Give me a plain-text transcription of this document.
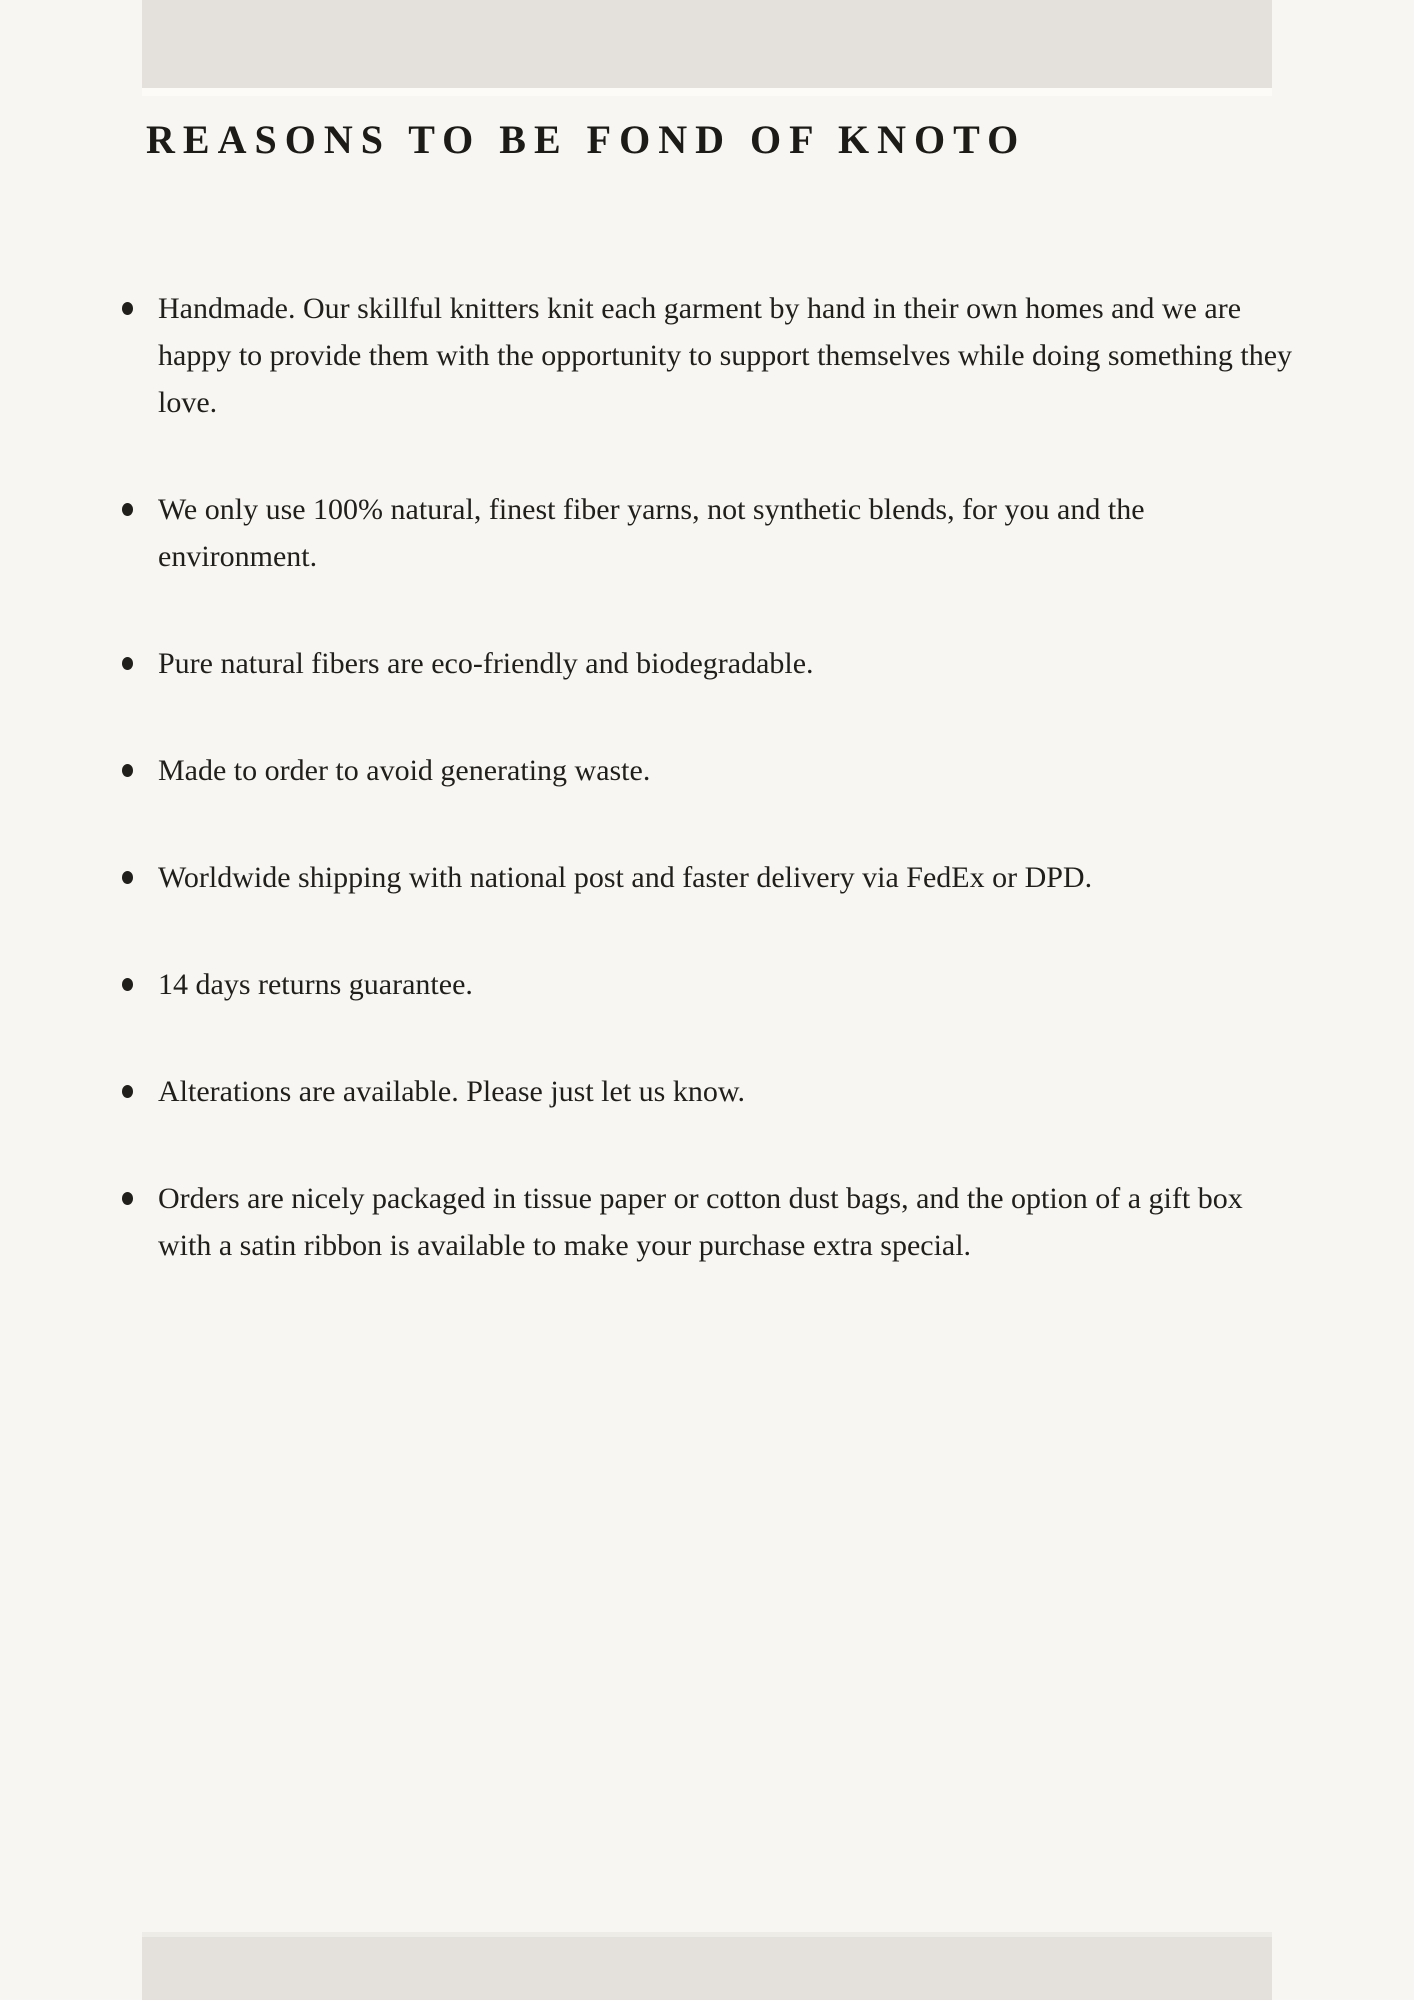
REASONS TO BE FOND OF KNOTO
Handmade. Our skillful knitters knit each garment by hand in their own homes and we are happy to provide them with the opportunity to support themselves while doing something they love.
We only use 100% natural, finest fiber yarns, not synthetic blends, for you and the environment.
Pure natural fibers are eco-friendly and biodegradable.
Made to order to avoid generating waste.
Worldwide shipping with national post and faster delivery via FedEx or DPD.
14 days returns guarantee.
Alterations are available. Please just let us know.
Orders are nicely packaged in tissue paper or cotton dust bags, and the option of a gift box with a satin ribbon is available to make your purchase extra special.
